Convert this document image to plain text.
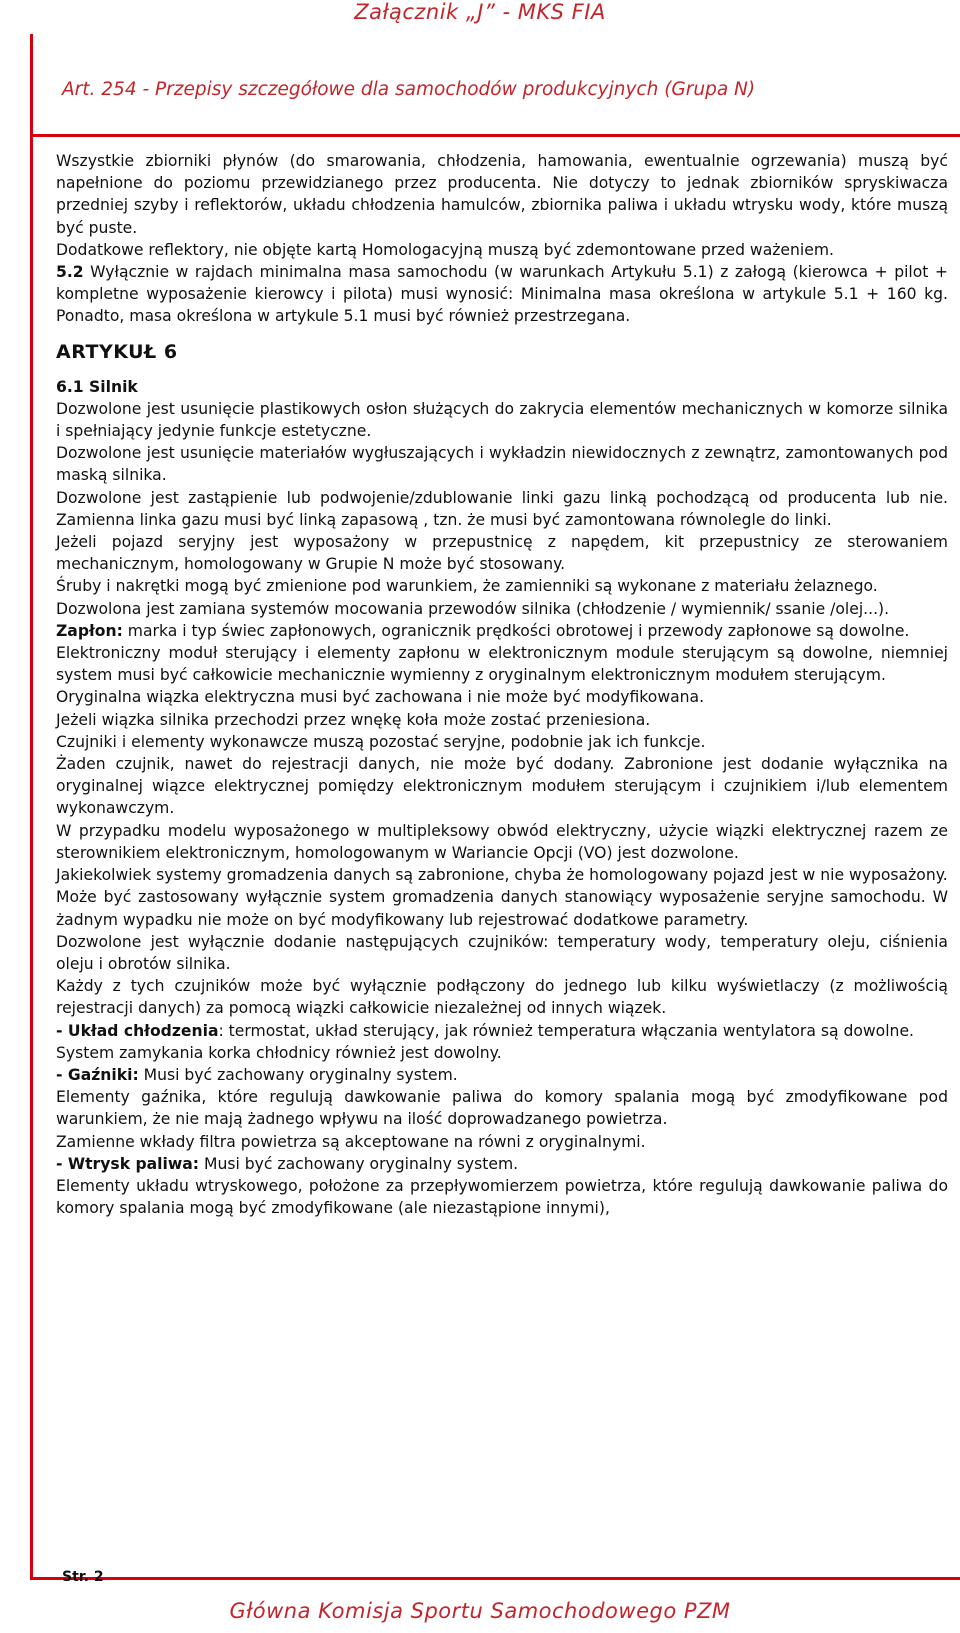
Załącznik „J” - MKS FIA
Art. 254 - Przepisy szczegółowe dla samochodów produkcyjnych (Grupa N)

Wszystkie zbiorniki płynów (do smarowania, chłodzenia, hamowania, ewentualnie ogrzewania) muszą być napełnione do poziomu przewidzianego przez producenta. Nie dotyczy to jednak zbiorników spryskiwacza przedniej szyby i reflektorów, układu chłodzenia hamulców, zbiornika paliwa i układu wtrysku wody, które muszą być puste.

Dodatkowe reflektory, nie objęte kartą Homologacyjną muszą być zdemontowane przed ważeniem.

5.2 Wyłącznie w rajdach minimalna masa samochodu (w warunkach Artykułu 5.1) z załogą (kierowca + pilot + kompletne wyposażenie kierowcy i pilota) musi wynosić: Minimalna masa określona w artykule 5.1 + 160 kg. Ponadto, masa określona w artykule 5.1 musi być również przestrzegana.

ARTYKUŁ 6

6.1 Silnik

Dozwolone jest usunięcie plastikowych osłon służących do zakrycia elementów mechanicznych w komorze silnika i spełniający jedynie funkcje estetyczne.

Dozwolone jest usunięcie materiałów wygłuszających i wykładzin niewidocznych z zewnątrz, zamontowanych pod maską silnika.

Dozwolone jest zastąpienie lub podwojenie/zdublowanie linki gazu linką pochodzącą od producenta lub nie. Zamienna linka gazu musi być linką zapasową , tzn. że musi być zamontowana równolegle do linki.

Jeżeli pojazd seryjny jest wyposażony w przepustnicę z napędem, kit przepustnicy ze sterowaniem mechanicznym, homologowany w Grupie N może być stosowany.

Śruby i nakrętki mogą być zmienione pod warunkiem, że zamienniki są wykonane z materiału żelaznego.

Dozwolona jest zamiana systemów mocowania przewodów silnika (chłodzenie / wymiennik/ ssanie /olej...).

Zapłon: marka i typ świec zapłonowych, ogranicznik prędkości obrotowej i przewody zapłonowe są dowolne.

Elektroniczny moduł sterujący i elementy zapłonu w elektronicznym module sterującym są dowolne, niemniej system musi być całkowicie mechanicznie wymienny z oryginalnym elektronicznym modułem sterującym.

Oryginalna wiązka elektryczna musi być zachowana i nie może być modyfikowana.

Jeżeli wiązka silnika przechodzi przez wnękę koła może zostać przeniesiona.

Czujniki i elementy wykonawcze muszą pozostać seryjne, podobnie jak ich funkcje.

Żaden czujnik, nawet do rejestracji danych, nie może być dodany. Zabronione jest dodanie wyłącznika na oryginalnej wiązce elektrycznej pomiędzy elektronicznym modułem sterującym i czujnikiem i/lub elementem wykonawczym.

W przypadku modelu wyposażonego w multipleksowy obwód elektryczny, użycie wiązki elektrycznej razem ze sterownikiem elektronicznym, homologowanym w Wariancie Opcji (VO) jest dozwolone.

Jakiekolwiek systemy gromadzenia danych są zabronione, chyba że homologowany pojazd jest w nie wyposażony.

Może być zastosowany wyłącznie system gromadzenia danych stanowiący wyposażenie seryjne samochodu. W żadnym wypadku nie może on być modyfikowany lub rejestrować dodatkowe parametry.

Dozwolone jest wyłącznie dodanie następujących czujników: temperatury wody, temperatury oleju, ciśnienia oleju i obrotów silnika.

Każdy z tych czujników może być wyłącznie podłączony do jednego lub kilku wyświetlaczy (z możliwością rejestracji danych) za pomocą wiązki całkowicie niezależnej od innych wiązek.

- Układ chłodzenia: termostat, układ sterujący, jak również temperatura włączania wentylatora są dowolne.

System zamykania korka chłodnicy również jest dowolny.

- Gaźniki: Musi być zachowany oryginalny system.

Elementy gaźnika, które regulują dawkowanie paliwa do komory spalania mogą być zmodyfikowane pod warunkiem, że nie mają żadnego wpływu na ilość doprowadzanego powietrza.

Zamienne wkłady filtra powietrza są akceptowane na równi z oryginalnymi.

- Wtrysk paliwa: Musi być zachowany oryginalny system.

Elementy układu wtryskowego, położone za przepływomierzem powietrza, które regulują dawkowanie paliwa do komory spalania mogą być zmodyfikowane (ale niezastąpione innymi),

Str. 2
Główna Komisja Sportu Samochodowego PZM
